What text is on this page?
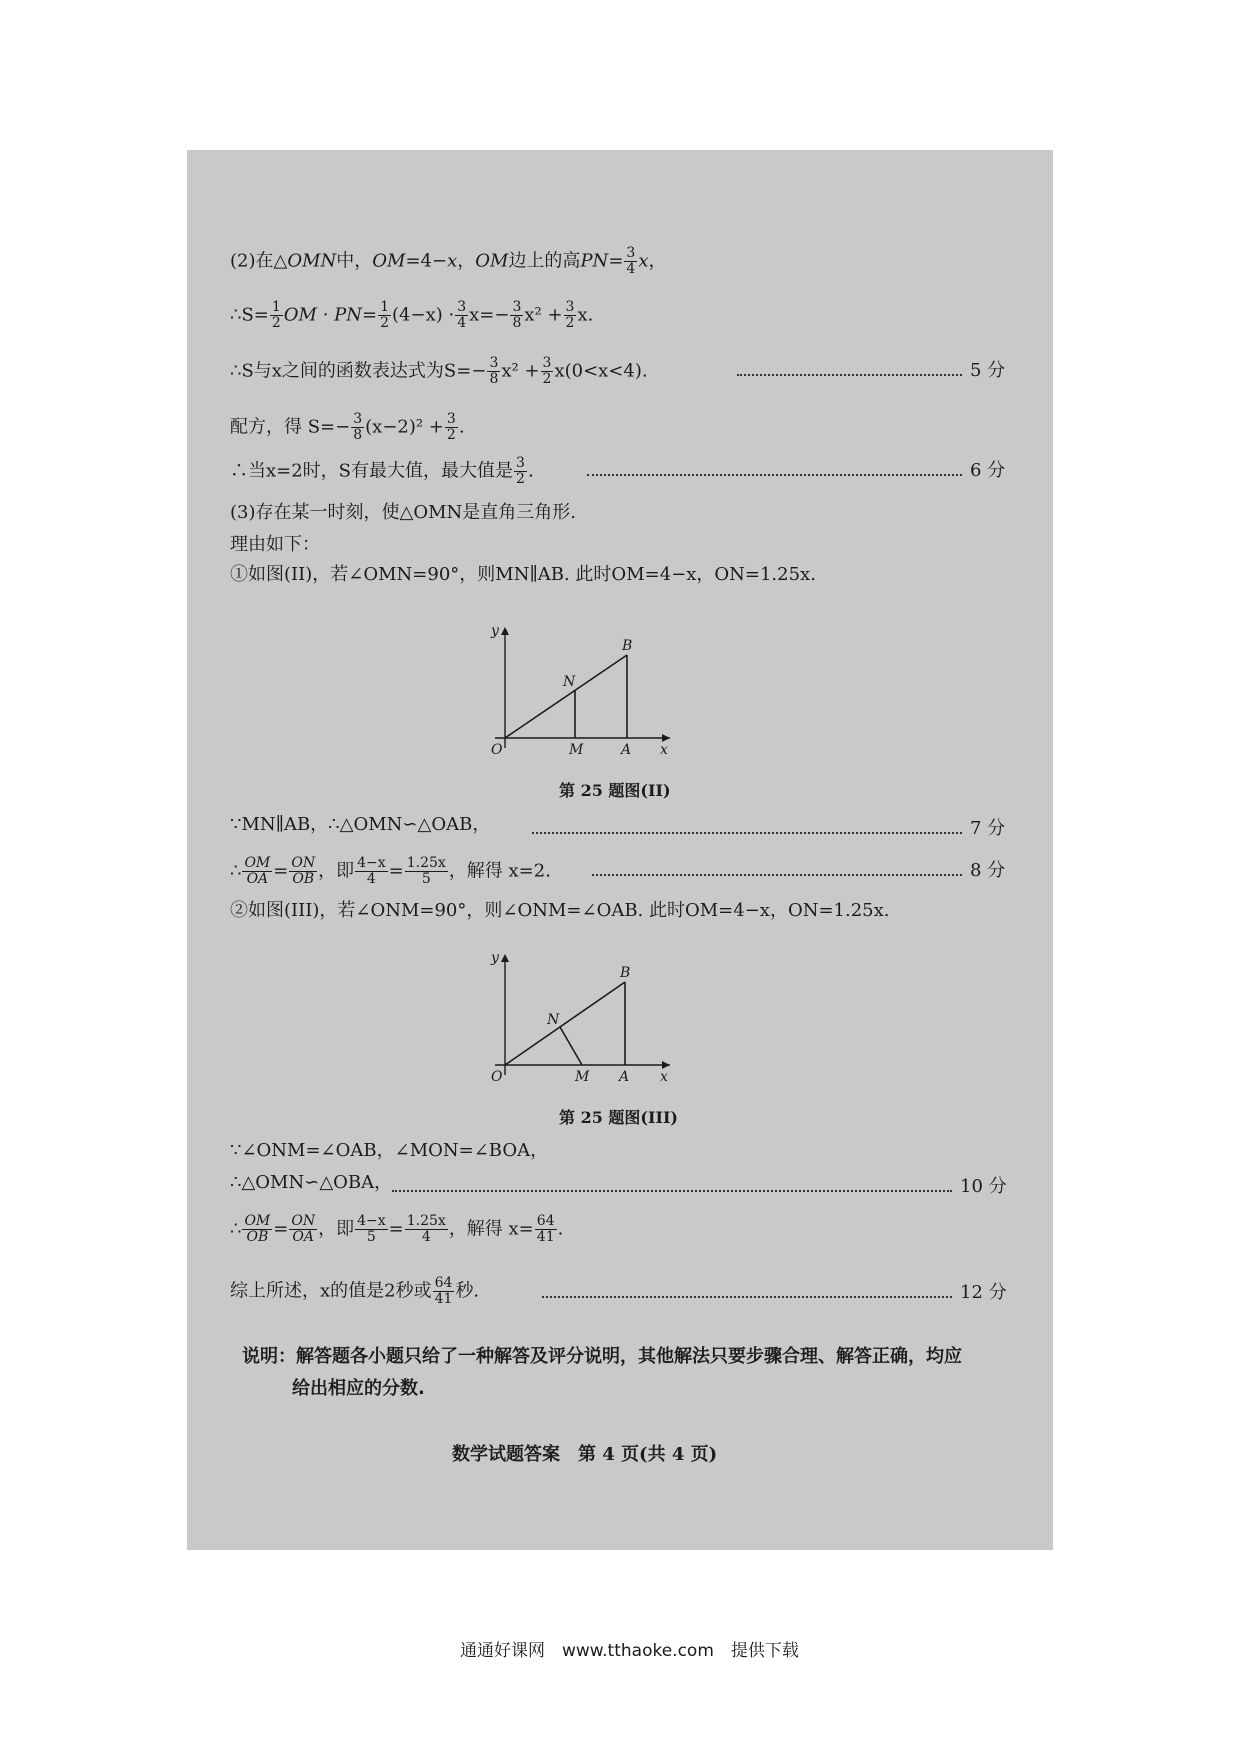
(2)在△OMN中，OM=4−x，OM边上的高$PN= \frac{3}{4}$ x，
∴S= $\frac{1}{2}$ OM · $PN= \frac{1}{2} (4-x) \cdot \frac{3}{4} x=- \frac{3}{8} x^2 + \frac{3}{2} x$.
∴S与x之间的函数表达式为$S=- \frac{3}{8} x^2 + \frac{3}{2} x(0<x<4)$.	5 分
配方，得 $S=- \frac{3}{8} (x-2)^2 + \frac{3}{2}$ .
∴当x=2时，S有最大值，最大值是 $\frac{3}{2}$ .	6 分
(3)存在某一时刻，使△OMN是直角三角形.
理由如下：
①如图(II)，若∠OMN=90°，则MN∥AB. 此时OM=4−x，ON=1.25x.
y
x
O	M	A
N
B
第 25 题图(II)
∵MN∥AB，∴△OMN∽△OAB，	7 分
∴ $\frac{OM}{OA} = \frac{ON}{OB}$ ，即 $\frac{4-x}{4} = \frac{1.25x}{5}$ ，解得 x=2.	8 分
②如图(III)，若∠ONM=90°，则∠ONM=∠OAB. 此时OM=4−x，ON=1.25x.
y
x
O	M A
N
B
第 25 题图(III)
∵∠ONM=∠OAB，∠MON=∠BOA，
∴△OMN∽△OBA，	10 分
∴ $\frac{OM}{OB} = \frac{ON}{OA}$ ，即 $\frac{4-x}{5} = \frac{1.25x}{4}$ ，解得 $x= \frac{64}{41}$ .
综上所述，x的值是2秒或 $\frac{64}{41}$ 秒.	12 分
说明：解答题各小题只给了一种解答及评分说明，其他解法只要步骤合理、解答正确，均应
给出相应的分数.
数学试题答案　第 4 页(共 4 页)
通通好课网　www.tthaoke.com　提供下载
